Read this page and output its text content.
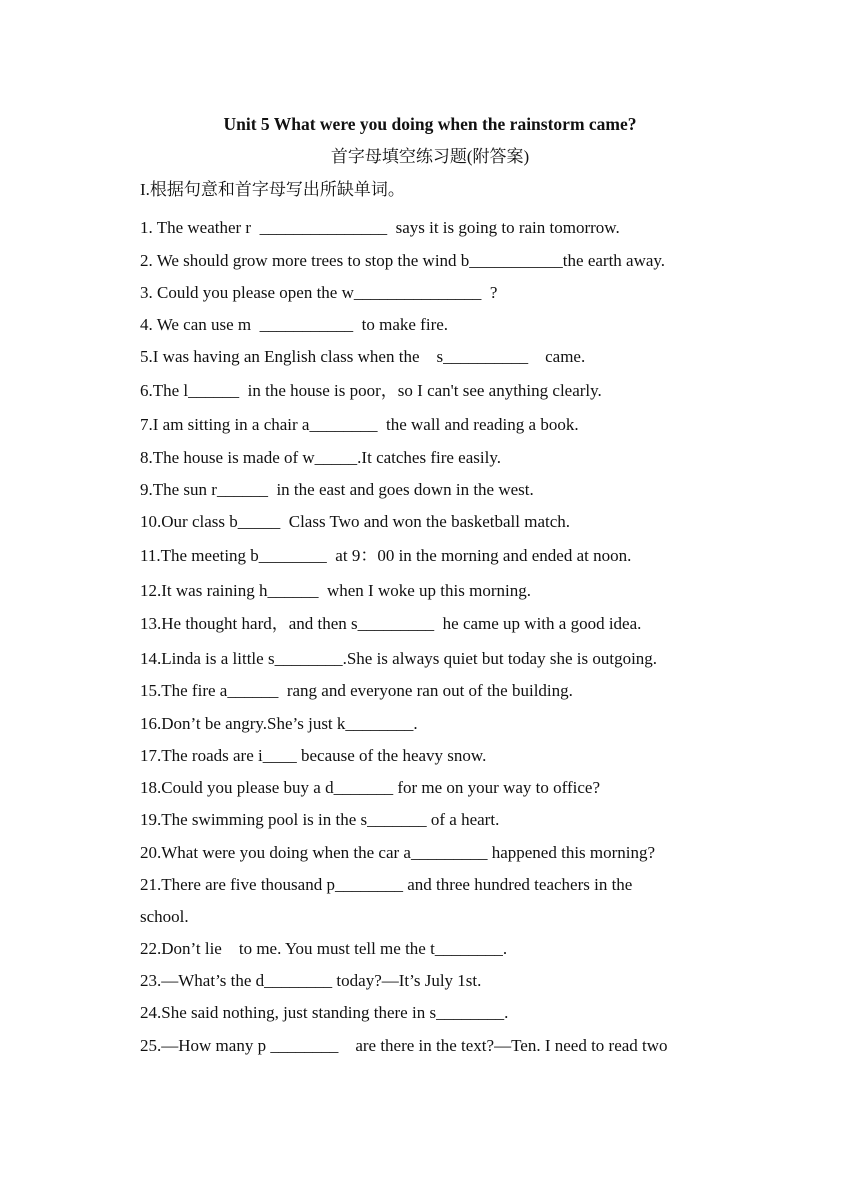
Unit 5 What were you doing when the rainstorm came?
首字母填空练习题(附答案)
I.根据句意和首字母写出所缺单词。
1. The weather r  _______________  says it is going to rain tomorrow.
2. We should grow more trees to stop the wind b___________the earth away.
3. Could you please open the w_______________  ?
4. We can use m  ___________  to make fire.
5.I was having an English class when the    s__________    came.
6.The l______  in the house is poor，so I can't see anything clearly.
7.I am sitting in a chair a________  the wall and reading a book.
8.The house is made of w_____.It catches fire easily.
9.The sun r______  in the east and goes down in the west.
10.Our class b_____  Class Two and won the basketball match.
11.The meeting b________  at 9：00 in the morning and ended at noon.
12.It was raining h______  when I woke up this morning.
13.He thought hard，and then s_________  he came up with a good idea.
14.Linda is a little s________.She is always quiet but today she is outgoing.
15.The fire a______  rang and everyone ran out of the building.
16.Don’t be angry.She’s just k________.
17.The roads are i____ because of the heavy snow.
18.Could you please buy a d_______ for me on your way to office?
19.The swimming pool is in the s_______ of a heart.
20.What were you doing when the car a_________ happened this morning?
21.There are five thousand p________ and three hundred teachers in the
school.
22.Don’t lie    to me. You must tell me the t________.
23.—What’s the d________ today?—It’s July 1st.
24.She said nothing, just standing there in s________.
25.—How many p ________    are there in the text?—Ten. I need to read two
